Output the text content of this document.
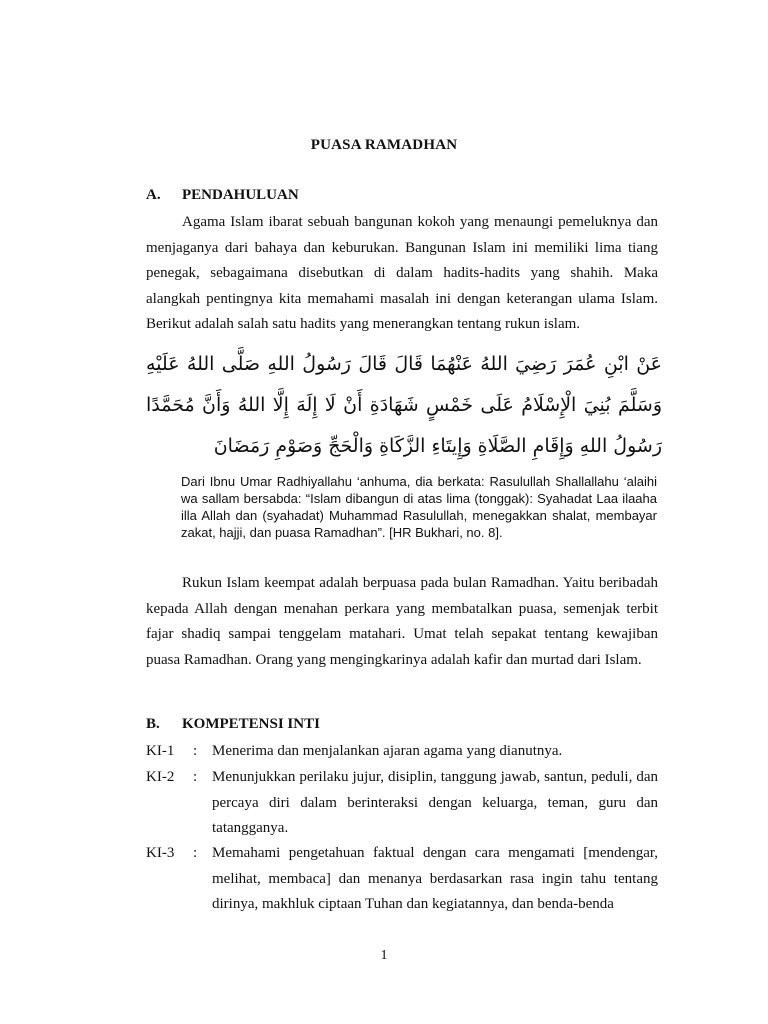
PUASA RAMADHAN
A. PENDAHULUAN

Agama Islam ibarat sebuah bangunan kokoh yang menaungi pemeluknya dan menjaganya dari bahaya dan keburukan. Bangunan Islam ini memiliki lima tiang penegak, sebagaimana disebutkan di dalam hadits-hadits yang shahih. Maka alangkah pentingnya kita memahami masalah ini dengan keterangan ulama Islam. Berikut adalah salah satu hadits yang menerangkan tentang rukun islam.

عَنْ ابْنِ عُمَرَ رَضِيَ اللهُ عَنْهُمَا قَالَ قَالَ رَسُولُ اللهِ صَلَّى اللهُ عَلَيْهِ وَسَلَّمَ بُنِيَ الْإِسْلَامُ عَلَى خَمْسٍ شَهَادَةِ أَنْ لَا إِلَهَ إِلَّا اللهُ وَأَنَّ مُحَمَّدًا رَسُولُ اللهِ وَإِقَامِ الصَّلَاةِ وَإِيتَاءِ الزَّكَاةِ وَالْحَجِّ وَصَوْمِ رَمَضَانَ

Dari Ibnu Umar Radhiyallahu ‘anhuma, dia berkata: Rasulullah Shallallahu ‘alaihi wa sallam bersabda: “Islam dibangun di atas lima (tonggak): Syahadat Laa ilaaha illa Allah dan (syahadat) Muhammad Rasulullah, menegakkan shalat, membayar zakat, hajji, dan puasa Ramadhan”. [HR Bukhari, no. 8].

Rukun Islam keempat adalah berpuasa pada bulan Ramadhan. Yaitu beribadah kepada Allah dengan menahan perkara yang membatalkan puasa, semenjak terbit fajar shadiq sampai tenggelam matahari. Umat telah sepakat tentang kewajiban puasa Ramadhan. Orang yang mengingkarinya adalah kafir dan murtad dari Islam.

B. KOMPETENSI INTI
KI-1 : Menerima dan menjalankan ajaran agama yang dianutnya.
KI-2 : Menunjukkan perilaku jujur, disiplin, tanggung jawab, santun, peduli, dan percaya diri dalam berinteraksi dengan keluarga, teman, guru dan tatangganya.
KI-3 : Memahami pengetahuan faktual dengan cara mengamati [mendengar, melihat, membaca] dan menanya berdasarkan rasa ingin tahu tentang dirinya, makhluk ciptaan Tuhan dan kegiatannya, dan benda-benda
1
